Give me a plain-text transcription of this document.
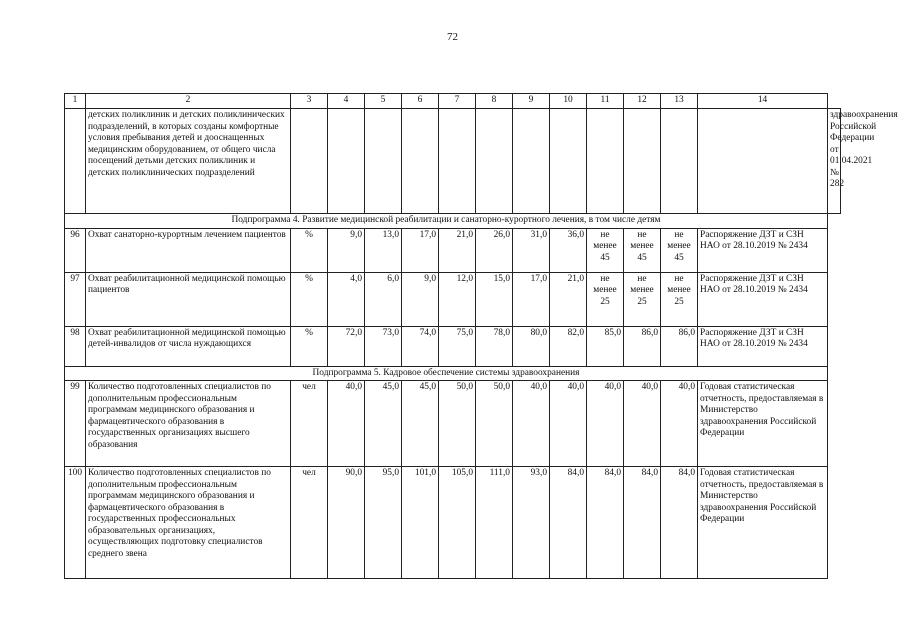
72
1	2	3	4	5	6	7	8	9	10	11	12	13	14	
	детских поликлиник и детских поликлинических подразделений, в которых созданы комфортные условия пребывания детей и дооснащенных медицинским оборудованием, от общего числа посещений детьми детских поликлиник и детских поликлинических подразделений													здравоохранения Российской Федерации от 01.04.2021 № 282
Подпрограмма 4. Развитие медицинской реабилитации и санаторно-курортного лечения, в том числе детям														
96	Охват санаторно-курортным лечением пациентов	%	9,0	13,0	17,0	21,0	26,0	31,0	36,0	не менее 45	не менее 45	не менее 45	Распоряжение ДЗТ и СЗН НАО от 28.10.2019 № 2434	
97	Охват реабилитационной медицинской помощью пациентов	%	4,0	6,0	9,0	12,0	15,0	17,0	21,0	не менее 25	не менее 25	не менее 25	Распоряжение ДЗТ и СЗН НАО от 28.10.2019 № 2434	
98	Охват реабилитационной медицинской помощью детей-инвалидов от числа нуждающихся	%	72,0	73,0	74,0	75,0	78,0	80,0	82,0	85,0	86,0	86,0	Распоряжение ДЗТ и СЗН НАО от 28.10.2019 № 2434	
Подпрограмма 5. Кадровое обеспечение системы здравоохранения														
99	Количество подготовленных специалистов по дополнительным профессиональным программам медицинского образования и фармацевтического образования в государственных организациях высшего образования	чел	40,0	45,0	45,0	50,0	50,0	40,0	40,0	40,0	40,0	40,0	Годовая статистическая отчетность, предоставляемая в Министерство здравоохранения Российской Федерации	
100	Количество подготовленных специалистов по дополнительным профессиональным программам медицинского образования и фармацевтического образования в государственных профессиональных образовательных организациях, осуществляющих подготовку специалистов среднего звена	чел	90,0	95,0	101,0	105,0	111,0	93,0	84,0	84,0	84,0	84,0	Годовая статистическая отчетность, предоставляемая в Министерство здравоохранения Российской Федерации	
